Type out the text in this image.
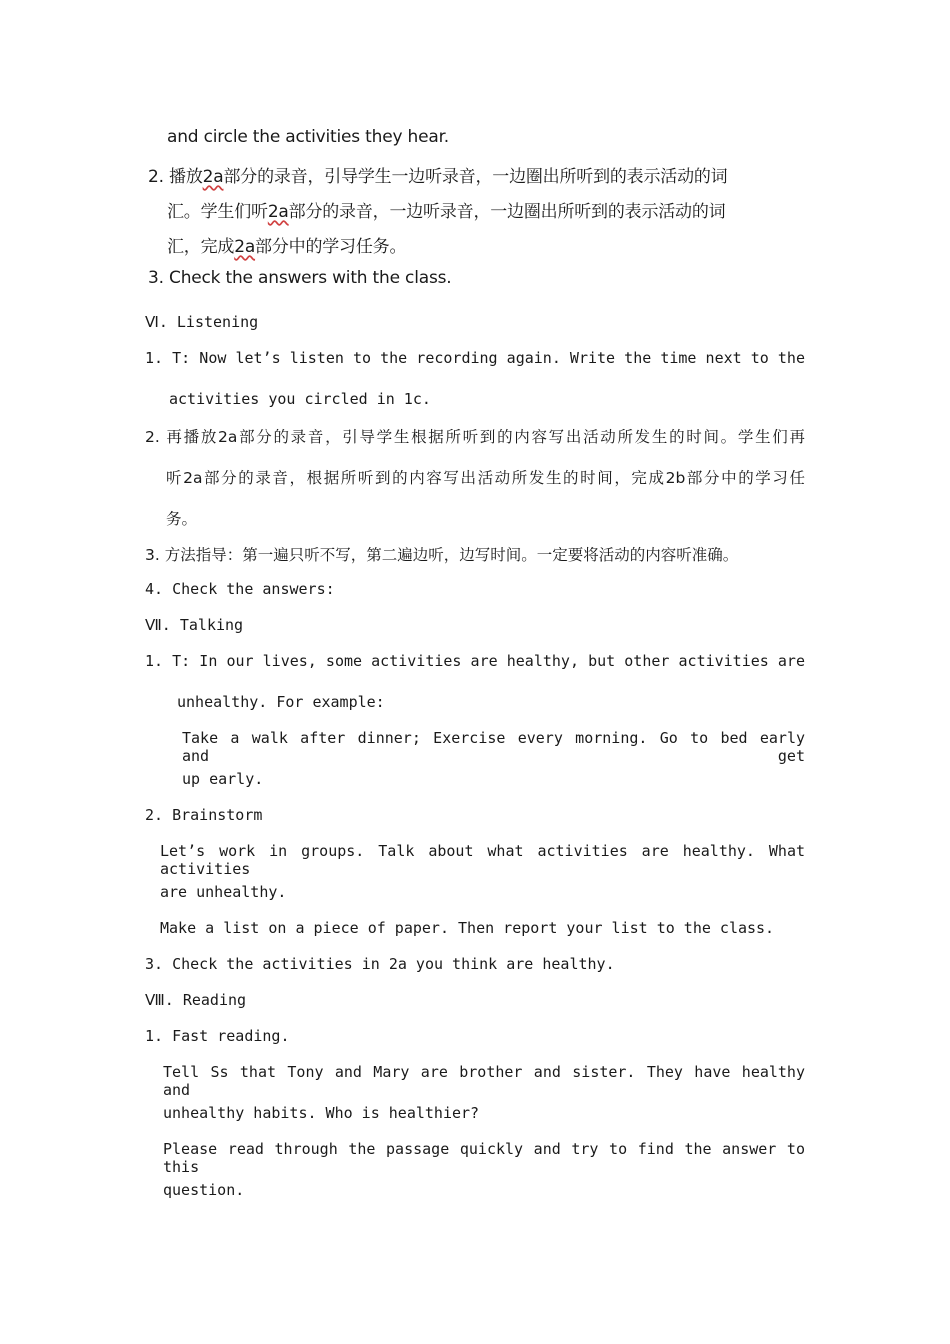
and circle the activities they hear.

2. 播放2a部分的录音，引导学生一边听录音，一边圈出所听到的表示活动的词

汇。学生们听2a部分的录音，一边听录音，一边圈出所听到的表示活动的词

汇，完成2a部分中的学习任务。

3. Check the answers with the class.

Ⅵ. Listening

1. T: Now let’s listen to the recording again. Write the time next to the

activities you circled in 1c.

2. 再播放2a部分的录音，引导学生根据所听到的内容写出活动所发生的时间。学生们再

听2a部分的录音，根据所听到的内容写出活动所发生的时间，完成2b部分中的学习任

务。

3. 方法指导：第一遍只听不写，第二遍边听，边写时间。一定要将活动的内容听准确。

4. Check the answers:

Ⅶ. Talking

1. T: In our lives, some activities are healthy, but other activities are

unhealthy. For example:

Take a walk after dinner; Exercise every morning. Go to bed early and get

up early.

2. Brainstorm

Let’s work in groups. Talk about what activities are healthy. What activities

are unhealthy.

Make a list on a piece of paper. Then report your list to the class.

3. Check the activities in 2a you think are healthy.

Ⅷ. Reading

1. Fast reading.

Tell Ss that Tony and Mary are brother and sister. They have healthy and

unhealthy habits. Who is healthier?

Please read through the passage quickly and try to find the answer to this

question.
